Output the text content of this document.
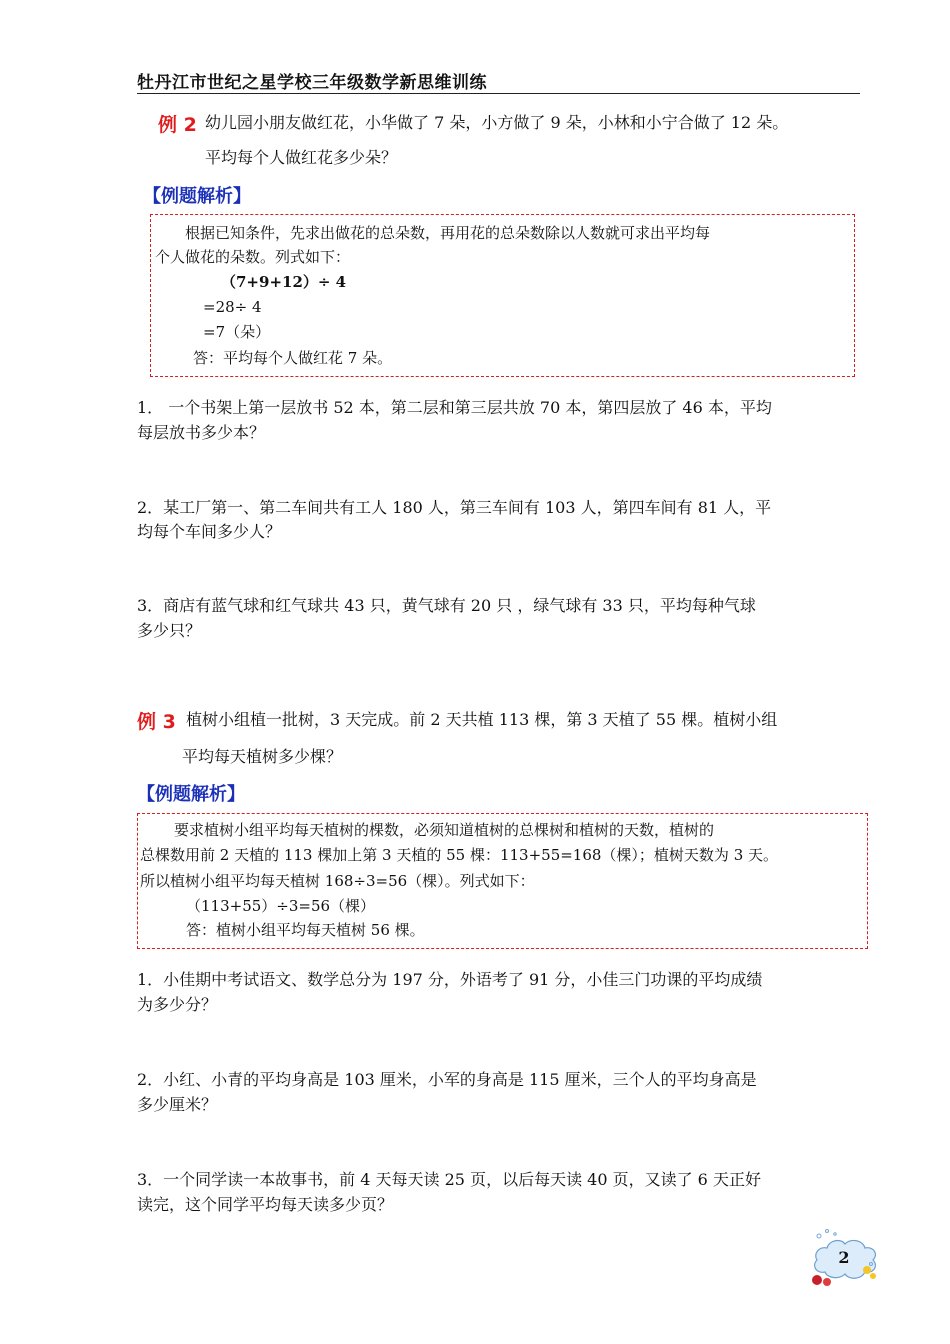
牡丹江市世纪之星学校三年级数学新思维训练
例 2 幼儿园小朋友做红花，小华做了 7 朵，小方做了 9 朵，小林和小宁合做了 12 朵。
平均每个人做红花多少朵？
【例题解析】
根据已知条件，先求出做花的总朵数，再用花的总朵数除以人数就可求出平均每
个人做花的朵数。列式如下：
（7+9+12）÷ 4
=28÷ 4
=7（朵）
答：平均每个人做红花 7 朵。
1． 一个书架上第一层放书 52 本，第二层和第三层共放 70 本，第四层放了 46 本，平均
每层放书多少本？
2．某工厂第一、第二车间共有工人 180 人，第三车间有 103 人，第四车间有 81 人，平
均每个车间多少人？
3．商店有蓝气球和红气球共 43 只，黄气球有 20 只 ，绿气球有 33 只，平均每种气球
多少只？
例 3 植树小组植一批树，3 天完成。前 2 天共植 113 棵，第 3 天植了 55 棵。植树小组
平均每天植树多少棵？
【例题解析】
要求植树小组平均每天植树的棵数，必须知道植树的总棵树和植树的天数，植树的
总棵数用前 2 天植的 113 棵加上第 3 天植的 55 棵：113+55=168（棵）；植树天数为 3 天。
所以植树小组平均每天植树 168÷3=56（棵）。列式如下：
（113+55）÷3=56（棵）
答：植树小组平均每天植树 56 棵。
1．小佳期中考试语文、数学总分为 197 分，外语考了 91 分，小佳三门功课的平均成绩
为多少分？
2．小红、小青的平均身高是 103 厘米，小军的身高是 115 厘米，三个人的平均身高是
多少厘米？
3．一个同学读一本故事书，前 4 天每天读 25 页，以后每天读 40 页，又读了 6 天正好
读完，这个同学平均每天读多少页？
2
